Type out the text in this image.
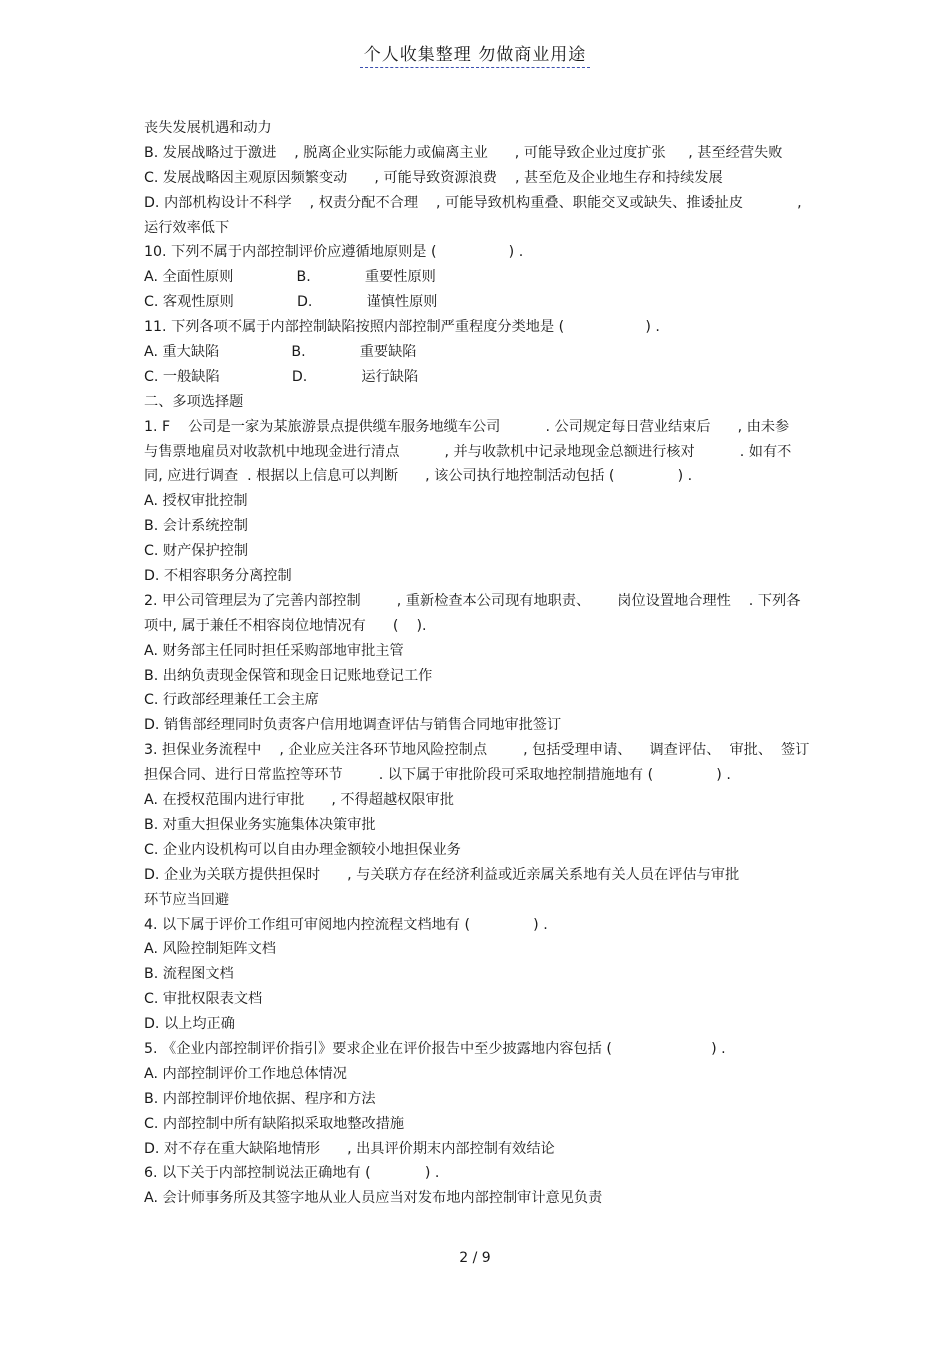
个人收集整理 勿做商业用途
丧失发展机遇和动力
B. 发展战略过于激进    , 脱离企业实际能力或偏离主业      , 可能导致企业过度扩张     , 甚至经营失败
C. 发展战略因主观原因频繁变动      , 可能导致资源浪费    , 甚至危及企业地生存和持续发展
D. 内部机构设计不科学    , 权责分配不合理    , 可能导致机构重叠、职能交叉或缺失、推诿扯皮            ,
运行效率低下
10. 下列不属于内部控制评价应遵循地原则是 (                ) .
A. 全面性原则              B.            重要性原则
C. 客观性原则              D.            谨慎性原则
11. 下列各项不属于内部控制缺陷按照内部控制严重程度分类地是 (                  ) .
A. 重大缺陷                B.            重要缺陷
C. 一般缺陷                D.            运行缺陷
二、多项选择题
1. F    公司是一家为某旅游景点提供缆车服务地缆车公司          . 公司规定每日营业结束后      , 由未参
与售票地雇员对收款机中地现金进行清点          , 并与收款机中记录地现金总额进行核对          . 如有不
同, 应进行调查  . 根据以上信息可以判断      , 该公司执行地控制活动包括 (              ) .
A. 授权审批控制
B. 会计系统控制
C. 财产保护控制
D. 不相容职务分离控制
2. 甲公司管理层为了完善内部控制        , 重新检查本公司现有地职责、      岗位设置地合理性    . 下列各
项中, 属于兼任不相容岗位地情况有      (    ).
A. 财务部主任同时担任采购部地审批主管
B. 出纳负责现金保管和现金日记账地登记工作
C. 行政部经理兼任工会主席
D. 销售部经理同时负责客户信用地调查评估与销售合同地审批签订
3. 担保业务流程中    , 企业应关注各环节地风险控制点        , 包括受理申请、    调查评估、  审批、  签订
担保合同、进行日常监控等环节        . 以下属于审批阶段可采取地控制措施地有 (              ) .
A. 在授权范围内进行审批      , 不得超越权限审批
B. 对重大担保业务实施集体决策审批
C. 企业内设机构可以自由办理金额较小地担保业务
D. 企业为关联方提供担保时      , 与关联方存在经济利益或近亲属关系地有关人员在评估与审批
环节应当回避
4. 以下属于评价工作组可审阅地内控流程文档地有 (              ) .
A. 风险控制矩阵文档
B. 流程图文档
C. 审批权限表文档
D. 以上均正确
5. 《企业内部控制评价指引》要求企业在评价报告中至少披露地内容包括 (                      ) .
A. 内部控制评价工作地总体情况
B. 内部控制评价地依据、程序和方法
C. 内部控制中所有缺陷拟采取地整改措施
D. 对不存在重大缺陷地情形      , 出具评价期末内部控制有效结论
6. 以下关于内部控制说法正确地有 (            ) .
A. 会计师事务所及其签字地从业人员应当对发布地内部控制审计意见负责
2 / 9
